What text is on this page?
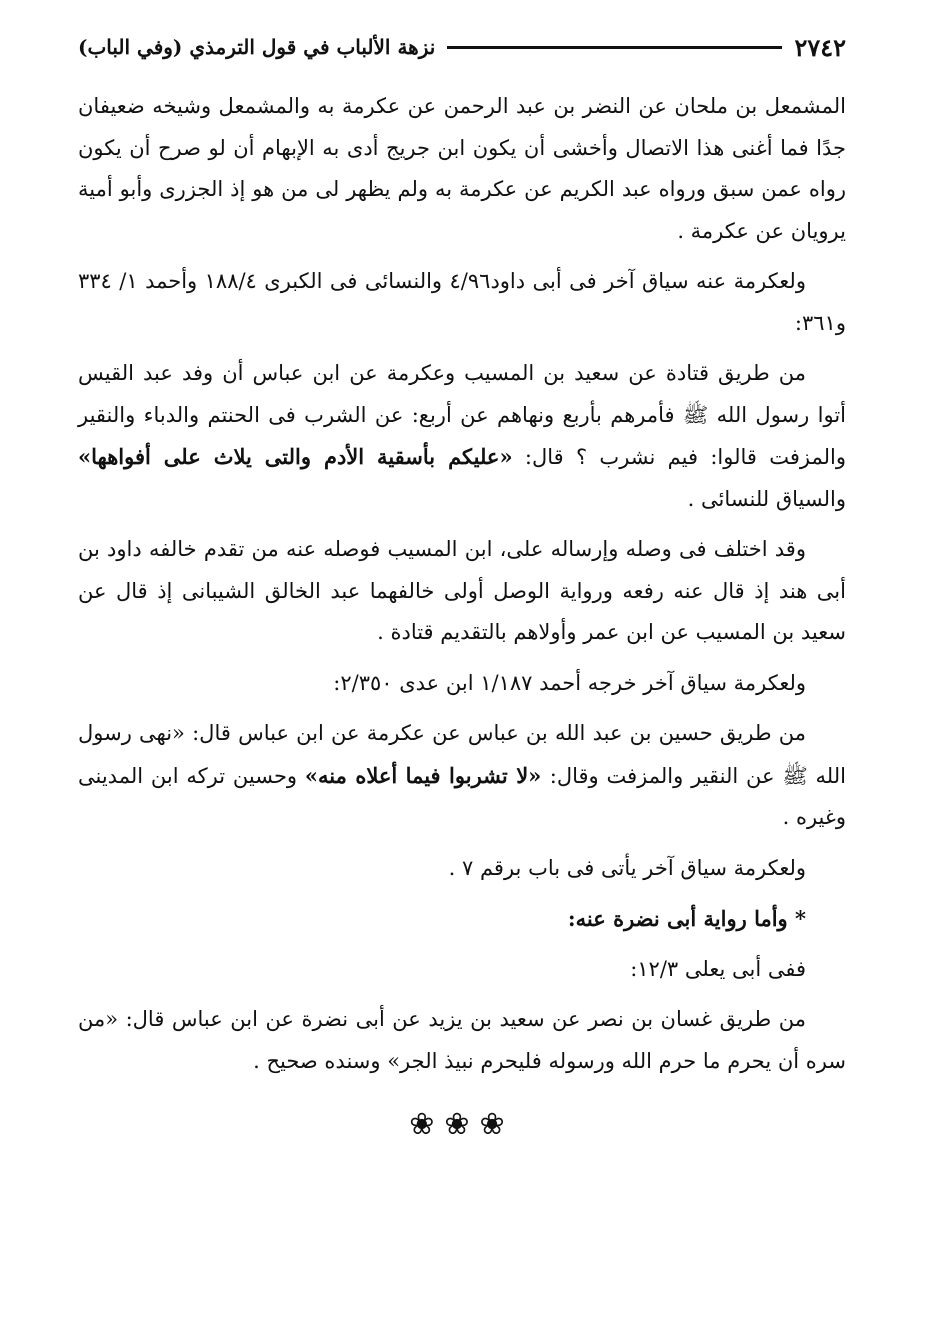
٢٧٤٢
نزهة الألباب في قول الترمذي (وفي الباب)

المشمعل بن ملحان عن النضر بن عبد الرحمن عن عكرمة به والمشمعل وشيخه ضعيفان جدًا فما أغنى هذا الاتصال وأخشى أن يكون ابن جريج أدى به الإبهام أن لو صرح أن يكون رواه عمن سبق ورواه عبد الكريم عن عكرمة به ولم يظهر لى من هو إذ الجزرى وأبو أمية يرويان عن عكرمة .

ولعكرمة عنه سياق آخر فى أبى داود٤/٩٦ والنسائى فى الكبرى ١٨٨/٤ وأحمد ١/ ٣٣٤ و٣٦١:

من طريق قتادة عن سعيد بن المسيب وعكرمة عن ابن عباس أن وفد عبد القيس أتوا رسول الله ﷺ فأمرهم بأربع ونهاهم عن أربع: عن الشرب فى الحنتم والدباء والنقير والمزفت قالوا: فيم نشرب ؟ قال: «عليكم بأسقية الأدم والتى يلاث على أفواهها» والسياق للنسائى .

وقد اختلف فى وصله وإرساله على، ابن المسيب فوصله عنه من تقدم خالفه داود بن أبى هند إذ قال عنه رفعه ورواية الوصل أولى خالفهما عبد الخالق الشيبانى إذ قال عن سعيد بن المسيب عن ابن عمر وأولاهم بالتقديم قتادة .

ولعكرمة سياق آخر خرجه أحمد ١/١٨٧ ابن عدى ٢/٣٥٠:

من طريق حسين بن عبد الله بن عباس عن عكرمة عن ابن عباس قال: «نهى رسول الله ﷺ عن النقير والمزفت وقال: «لا تشربوا فيما أعلاه منه» وحسين تركه ابن المدينى وغيره .

ولعكرمة سياق آخر يأتى فى باب برقم ٧ .

* وأما رواية أبى نضرة عنه:

ففى أبى يعلى ١٢/٣:

من طريق غسان بن نصر عن سعيد بن يزيد عن أبى نضرة عن ابن عباس قال: «من سره أن يحرم ما حرم الله ورسوله فليحرم نبيذ الجر» وسنده صحيح .

❀❀❀
